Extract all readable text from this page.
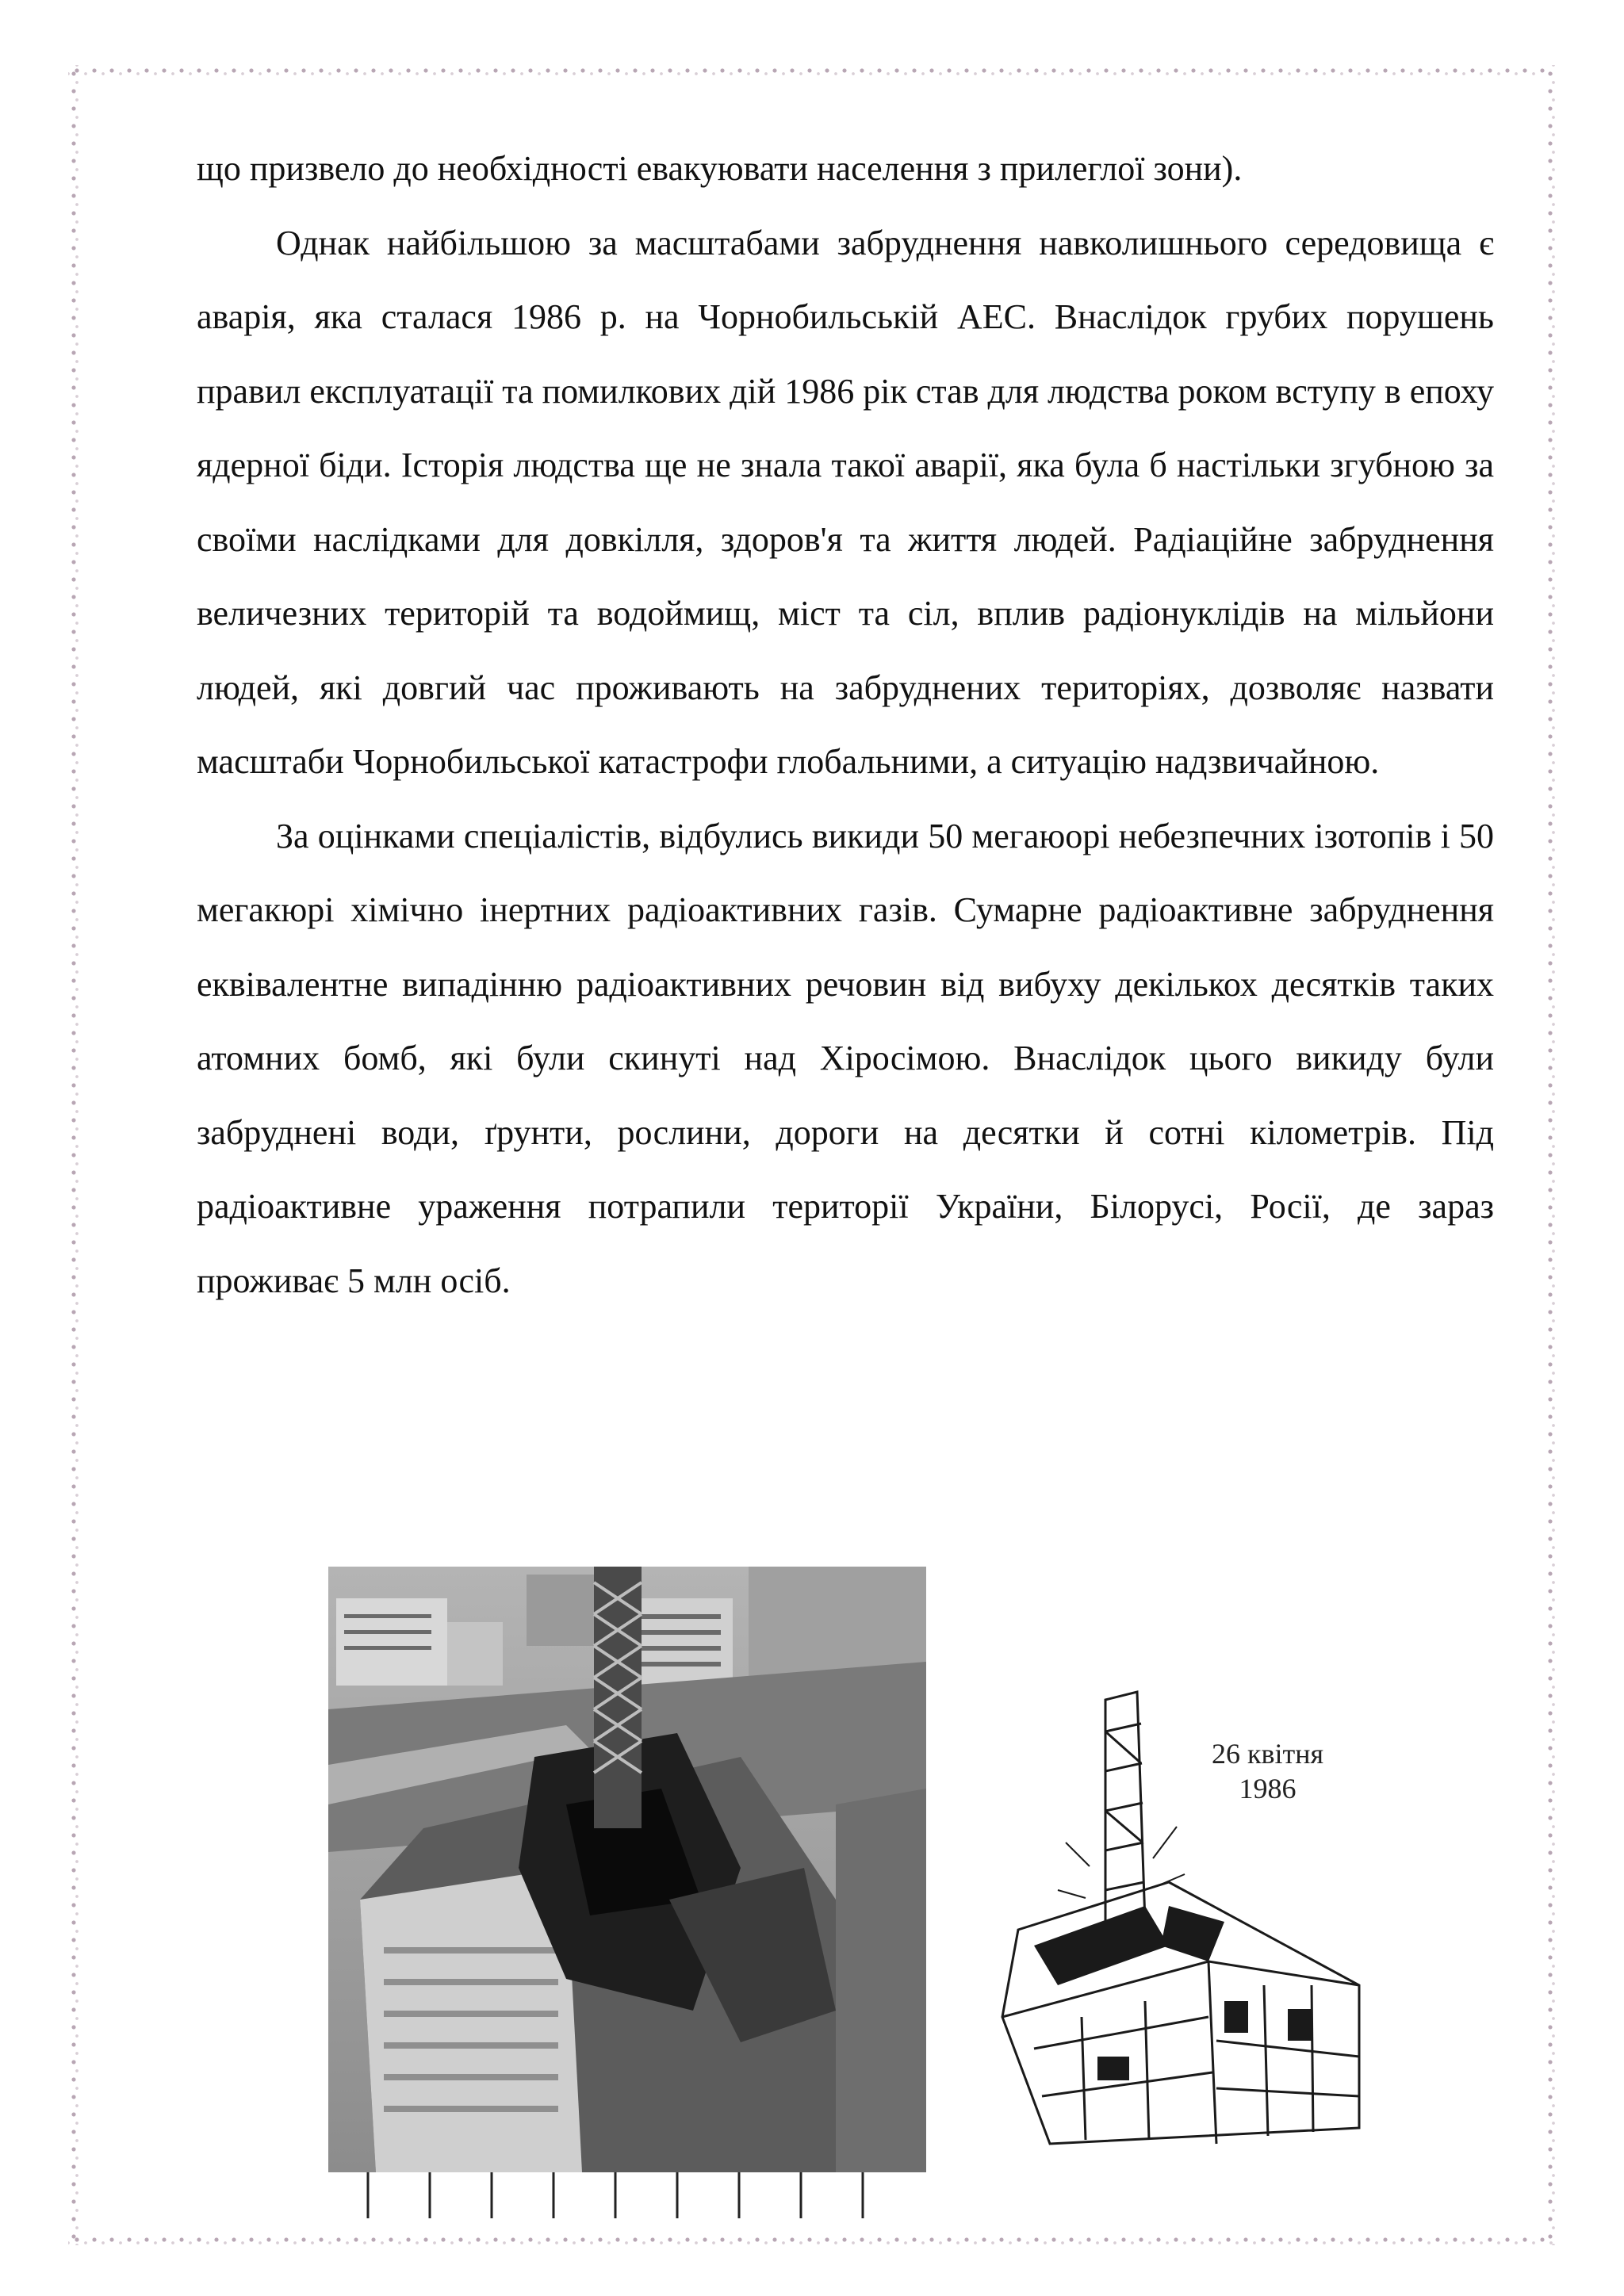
що призвело до необхідності евакуювати населення з прилеглої зони).

Однак найбільшою за масштабами забруднення навколишнього середовища є аварія, яка сталася 1986 р. на Чорнобильській АЕС. Внаслідок грубих порушень правил експлуатації та помилкових дій 1986 рік став для людства роком вступу в епоху ядерної біди. Історія людства ще не знала такої аварії, яка була б настільки згубною за своїми наслідками для довкілля, здоров'я та життя людей. Радіаційне забруднення величезних територій та водоймищ, міст та сіл, вплив радіонуклідів на мільйони людей, які довгий час проживають на забруднених територіях, дозволяє назвати масштаби Чорнобильської катастрофи глобальними, а ситуацію надзвичайною.

За оцінками спеціалістів, відбулись викиди 50 мегаюорі небезпечних ізотопів і 50 мегакюрі хімічно інертних радіоактивних газів. Сумарне радіоактивне забруднення еквівалентне випадінню радіоактивних речовин від вибуху декількох десятків таких атомних бомб, які були скинуті над Хіросімою. Внаслідок цього викиду були забруднені води, ґрунти, рослини, дороги на десятки й сотні кілометрів. Під радіоактивне ураження потрапили території України, Білорусі, Росії, де зараз проживає 5 млн осіб.

26 квітня
1986
